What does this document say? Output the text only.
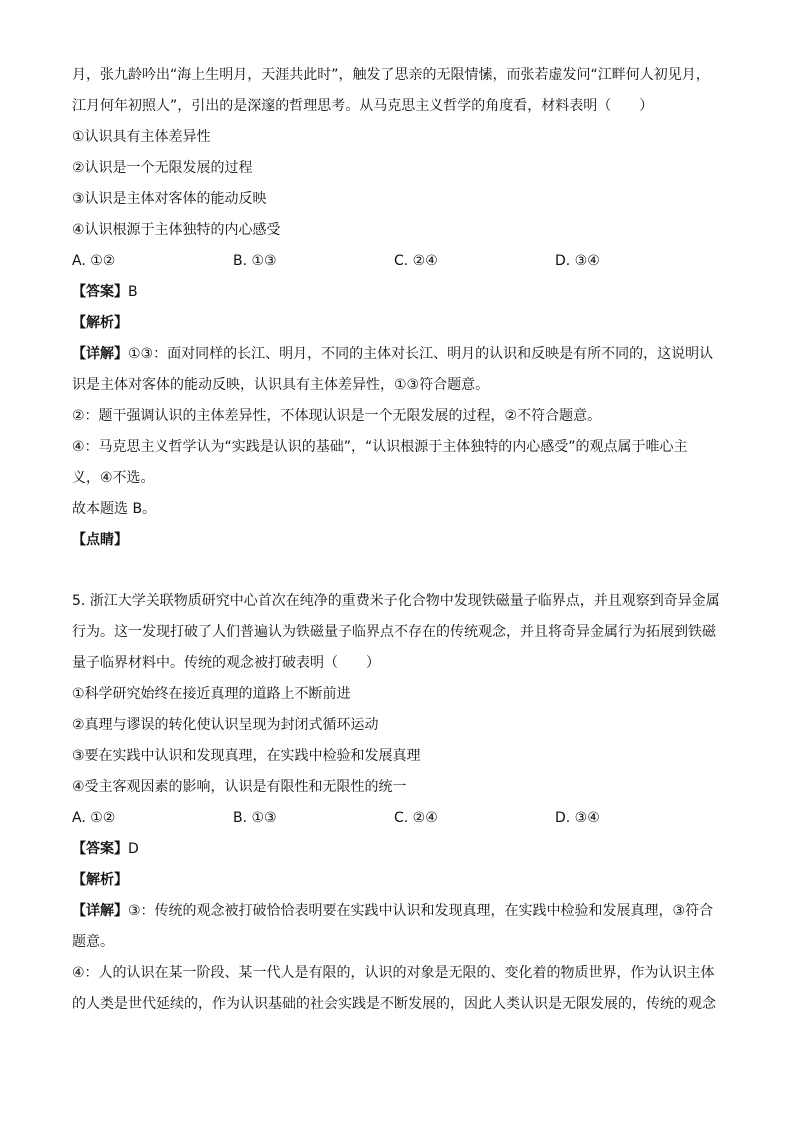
月，张九龄吟出“海上生明月，天涯共此时”，触发了思亲的无限情愫，而张若虚发问“江畔何人初见月，
江月何年初照人”，引出的是深邃的哲理思考。从马克思主义哲学的角度看，材料表明（　　）
①认识具有主体差异性
②认识是一个无限发展的过程
③认识是主体对客体的能动反映
④认识根源于主体独特的内心感受
A. ①②	B. ①③	C. ②④	D. ③④
【答案】B
【解析】
【详解】①③：面对同样的长江、明月，不同的主体对长江、明月的认识和反映是有所不同的，这说明认
识是主体对客体的能动反映，认识具有主体差异性，①③符合题意。
②：题干强调认识的主体差异性，不体现认识是一个无限发展的过程，②不符合题意。
④：马克思主义哲学认为“实践是认识的基础”，“认识根源于主体独特的内心感受”的观点属于唯心主
义，④不选。
故本题选 B。
【点睛】
5. 浙江大学关联物质研究中心首次在纯净的重费米子化合物中发现铁磁量子临界点，并且观察到奇异金属
行为。这一发现打破了人们普遍认为铁磁量子临界点不存在的传统观念，并且将奇异金属行为拓展到铁磁
量子临界材料中。传统的观念被打破表明（　　）
①科学研究始终在接近真理的道路上不断前进
②真理与谬误的转化使认识呈现为封闭式循环运动
③要在实践中认识和发现真理，在实践中检验和发展真理
④受主客观因素的影响，认识是有限性和无限性的统一
A. ①②	B. ①③	C. ②④	D. ③④
【答案】D
【解析】
【详解】③：传统的观念被打破恰恰表明要在实践中认识和发现真理，在实践中检验和发展真理，③符合
题意。
④：人的认识在某一阶段、某一代人是有限的，认识的对象是无限的、变化着的物质世界，作为认识主体
的人类是世代延续的，作为认识基础的社会实践是不断发展的，因此人类认识是无限发展的，传统的观念
